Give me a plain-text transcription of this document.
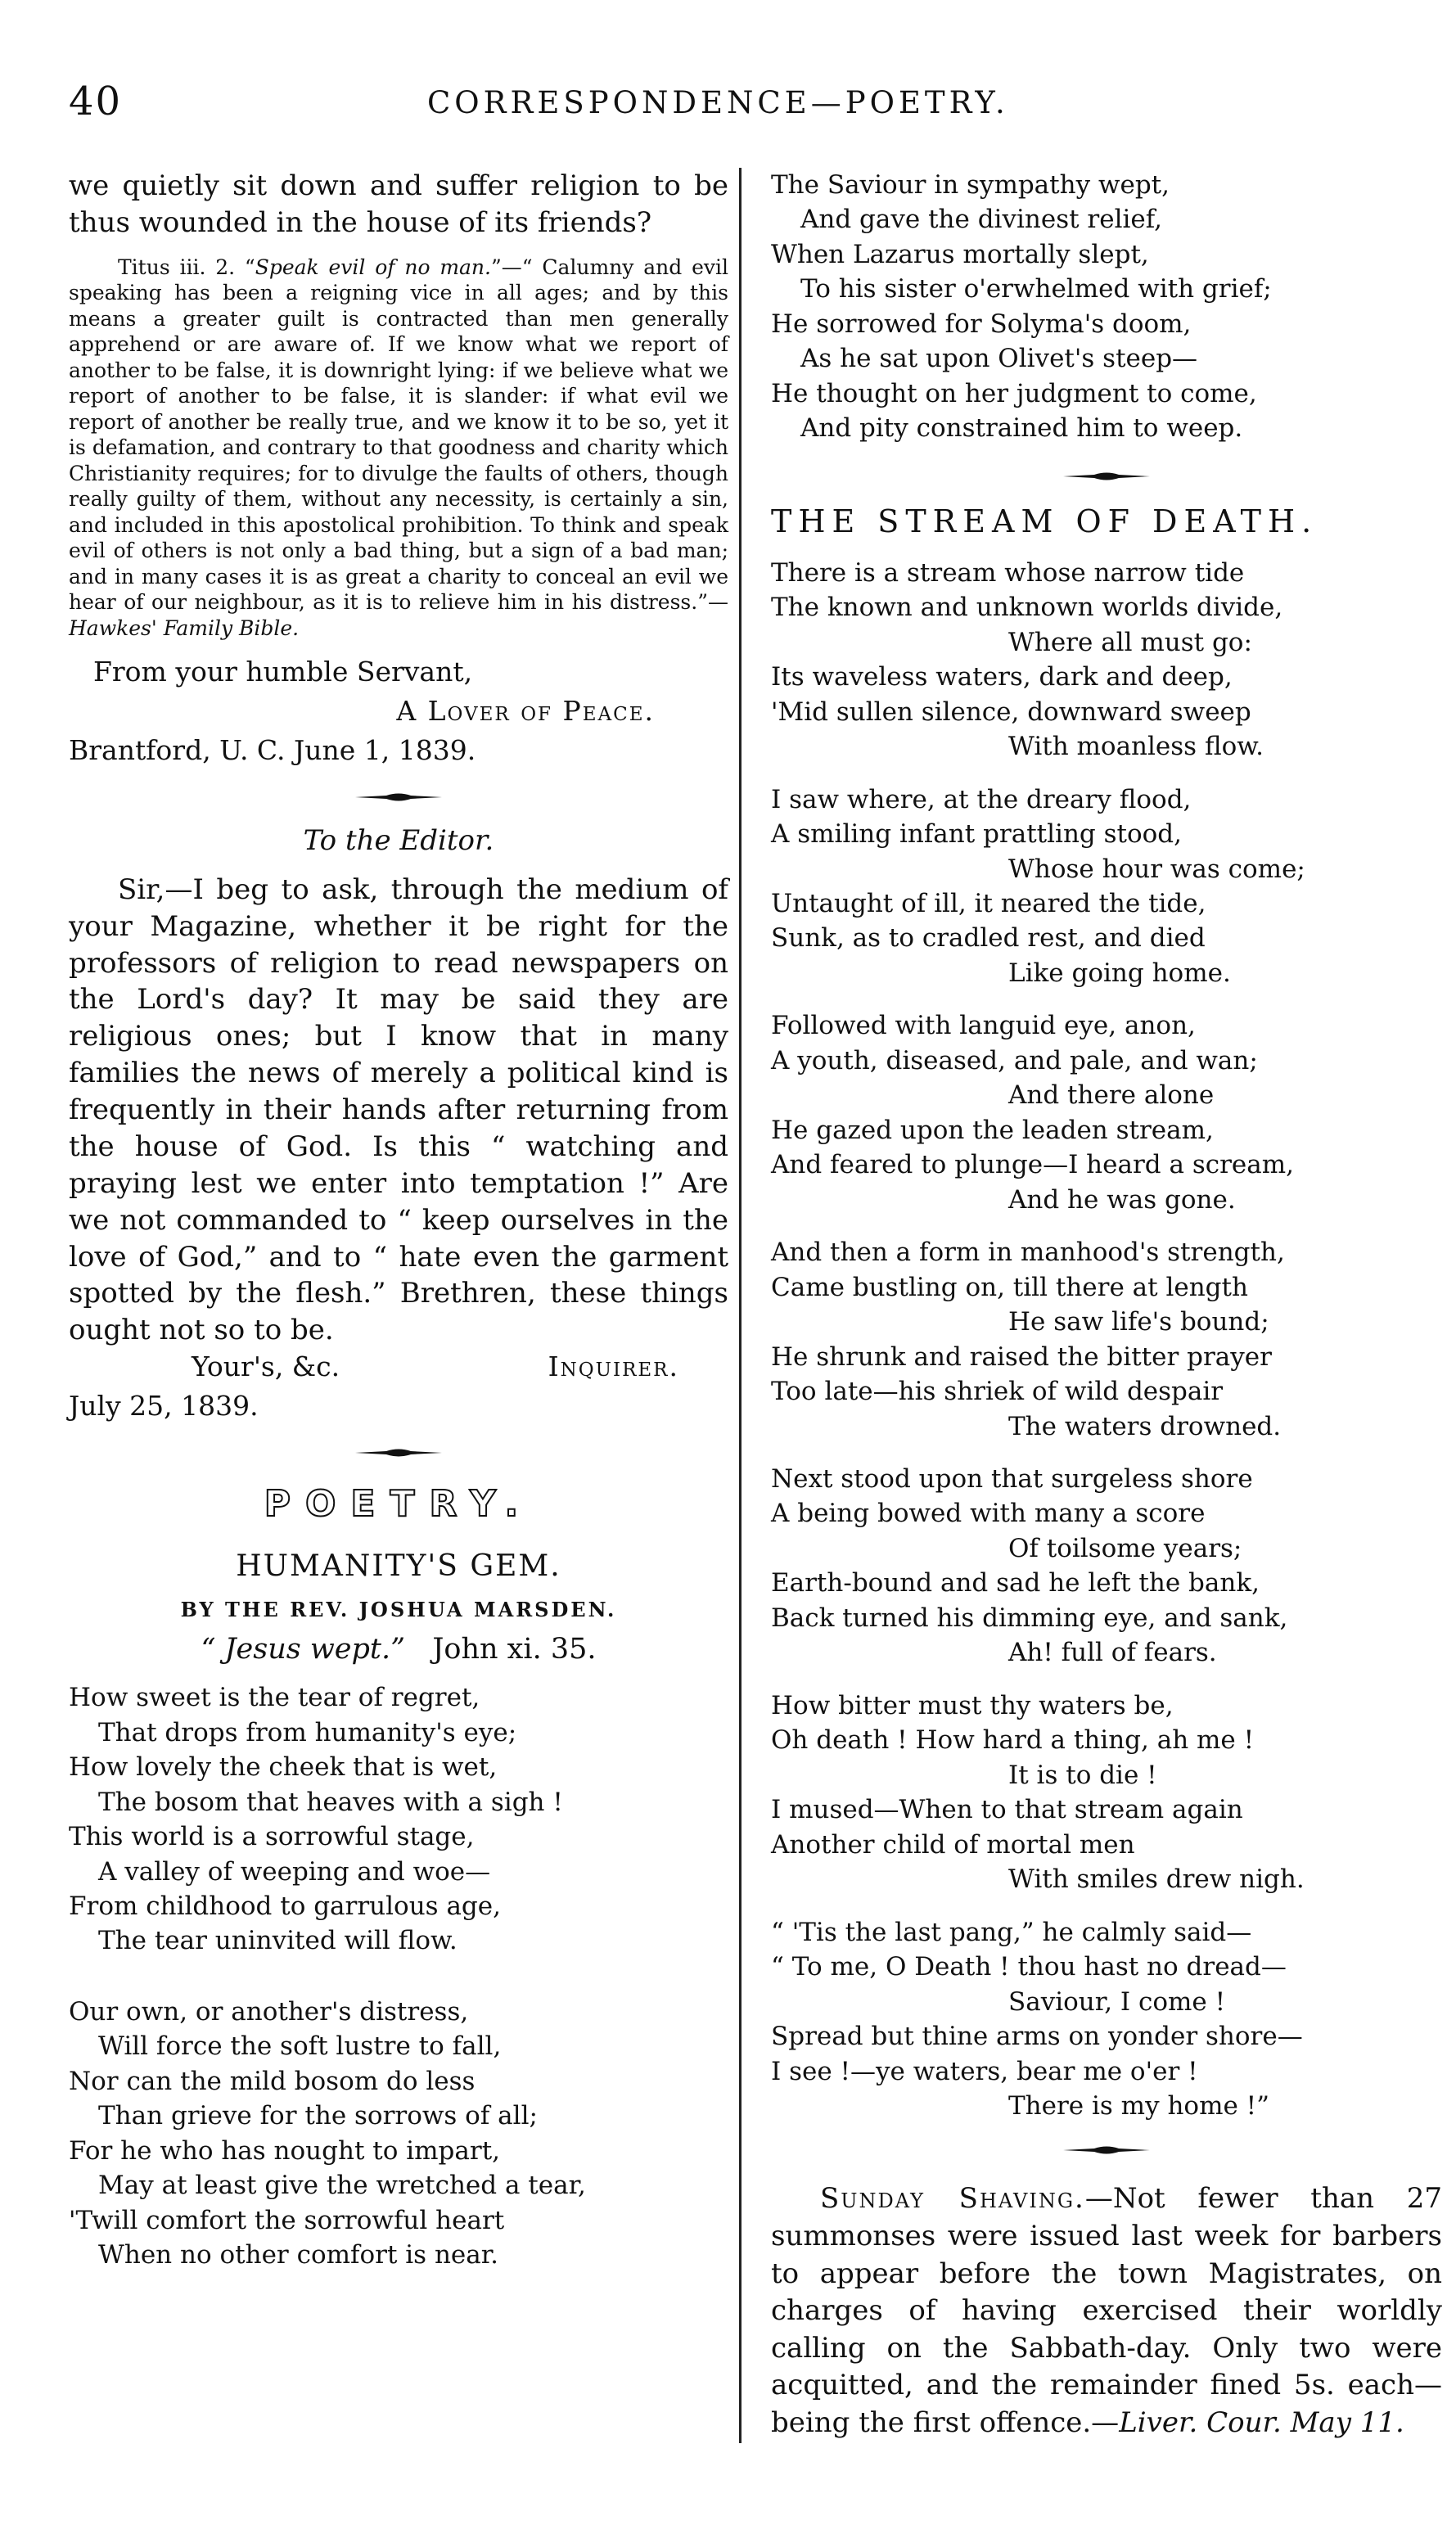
40	CORRESPONDENCE—POETRY.

we quietly sit down and suffer religion to be thus wounded in the house of its friends?

Titus iii. 2. “Speak evil of no man.”—“ Calumny and evil speaking has been a reigning vice in all ages; and by this means a greater guilt is contracted than men generally apprehend or are aware of. If we know what we report of another to be false, it is downright lying: if we believe what we report of another to be false, it is slander: if what evil we report of another be really true, and we know it to be so, yet it is defamation, and contrary to that goodness and charity which Christianity requires; for to divulge the faults of others, though really guilty of them, without any necessity, is certainly a sin, and included in this apostolical prohibition. To think and speak evil of others is not only a bad thing, but a sign of a bad man; and in many cases it is as great a charity to conceal an evil we hear of our neighbour, as it is to relieve him in his distress.”— Hawkes' Family Bible.

From your humble Servant,

A Lover of Peace.

Brantford, U. C. June 1, 1839.

To the Editor.

Sir,—I beg to ask, through the medium of your Magazine, whether it be right for the professors of religion to read newspapers on the Lord's day? It may be said they are religious ones; but I know that in many families the news of merely a political kind is frequently in their hands after returning from the house of God. Is this “ watching and praying lest we enter into temptation !” Are we not commanded to “ keep ourselves in the love of God,” and to “ hate even the garment spotted by the flesh.” Brethren, these things ought not so to be.

Your's, &c.	Inquirer.

July 25, 1839.

POETRY.

HUMANITY'S GEM.

BY THE REV. JOSHUA MARSDEN.

“ Jesus wept.” John xi. 35.

How sweet is the tear of regret,
That drops from humanity's eye;
How lovely the cheek that is wet,
The bosom that heaves with a sigh !
This world is a sorrowful stage,
A valley of weeping and woe—
From childhood to garrulous age,
The tear uninvited will flow.
Our own, or another's distress,
Will force the soft lustre to fall,
Nor can the mild bosom do less
Than grieve for the sorrows of all;
For he who has nought to impart,
May at least give the wretched a tear,
'Twill comfort the sorrowful heart
When no other comfort is near.
The Saviour in sympathy wept,
And gave the divinest relief,
When Lazarus mortally slept,
To his sister o'erwhelmed with grief;
He sorrowed for Solyma's doom,
As he sat upon Olivet's steep—
He thought on her judgment to come,
And pity constrained him to weep.

THE STREAM OF DEATH.

There is a stream whose narrow tide
The known and unknown worlds divide,
Where all must go:
Its waveless waters, dark and deep,
'Mid sullen silence, downward sweep
With moanless flow.
I saw where, at the dreary flood,
A smiling infant prattling stood,
Whose hour was come;
Untaught of ill, it neared the tide,
Sunk, as to cradled rest, and died
Like going home.
Followed with languid eye, anon,
A youth, diseased, and pale, and wan;
And there alone
He gazed upon the leaden stream,
And feared to plunge—I heard a scream,
And he was gone.
And then a form in manhood's strength,
Came bustling on, till there at length
He saw life's bound;
He shrunk and raised the bitter prayer
Too late—his shriek of wild despair
The waters drowned.
Next stood upon that surgeless shore
A being bowed with many a score
Of toilsome years;
Earth-bound and sad he left the bank,
Back turned his dimming eye, and sank,
Ah! full of fears.
How bitter must thy waters be,
Oh death ! How hard a thing, ah me !
It is to die !
I mused—When to that stream again
Another child of mortal men
With smiles drew nigh.
“ 'Tis the last pang,” he calmly said—
“ To me, O Death ! thou hast no dread—
Saviour, I come !
Spread but thine arms on yonder shore—
I see !—ye waters, bear me o'er !
There is my home !”

Sunday Shaving.—Not fewer than 27 summonses were issued last week for barbers to appear before the town Magistrates, on charges of having exercised their worldly calling on the Sabbath-day. Only two were acquitted, and the remainder fined 5s. each—being the first offence.—Liver. Cour. May 11.
